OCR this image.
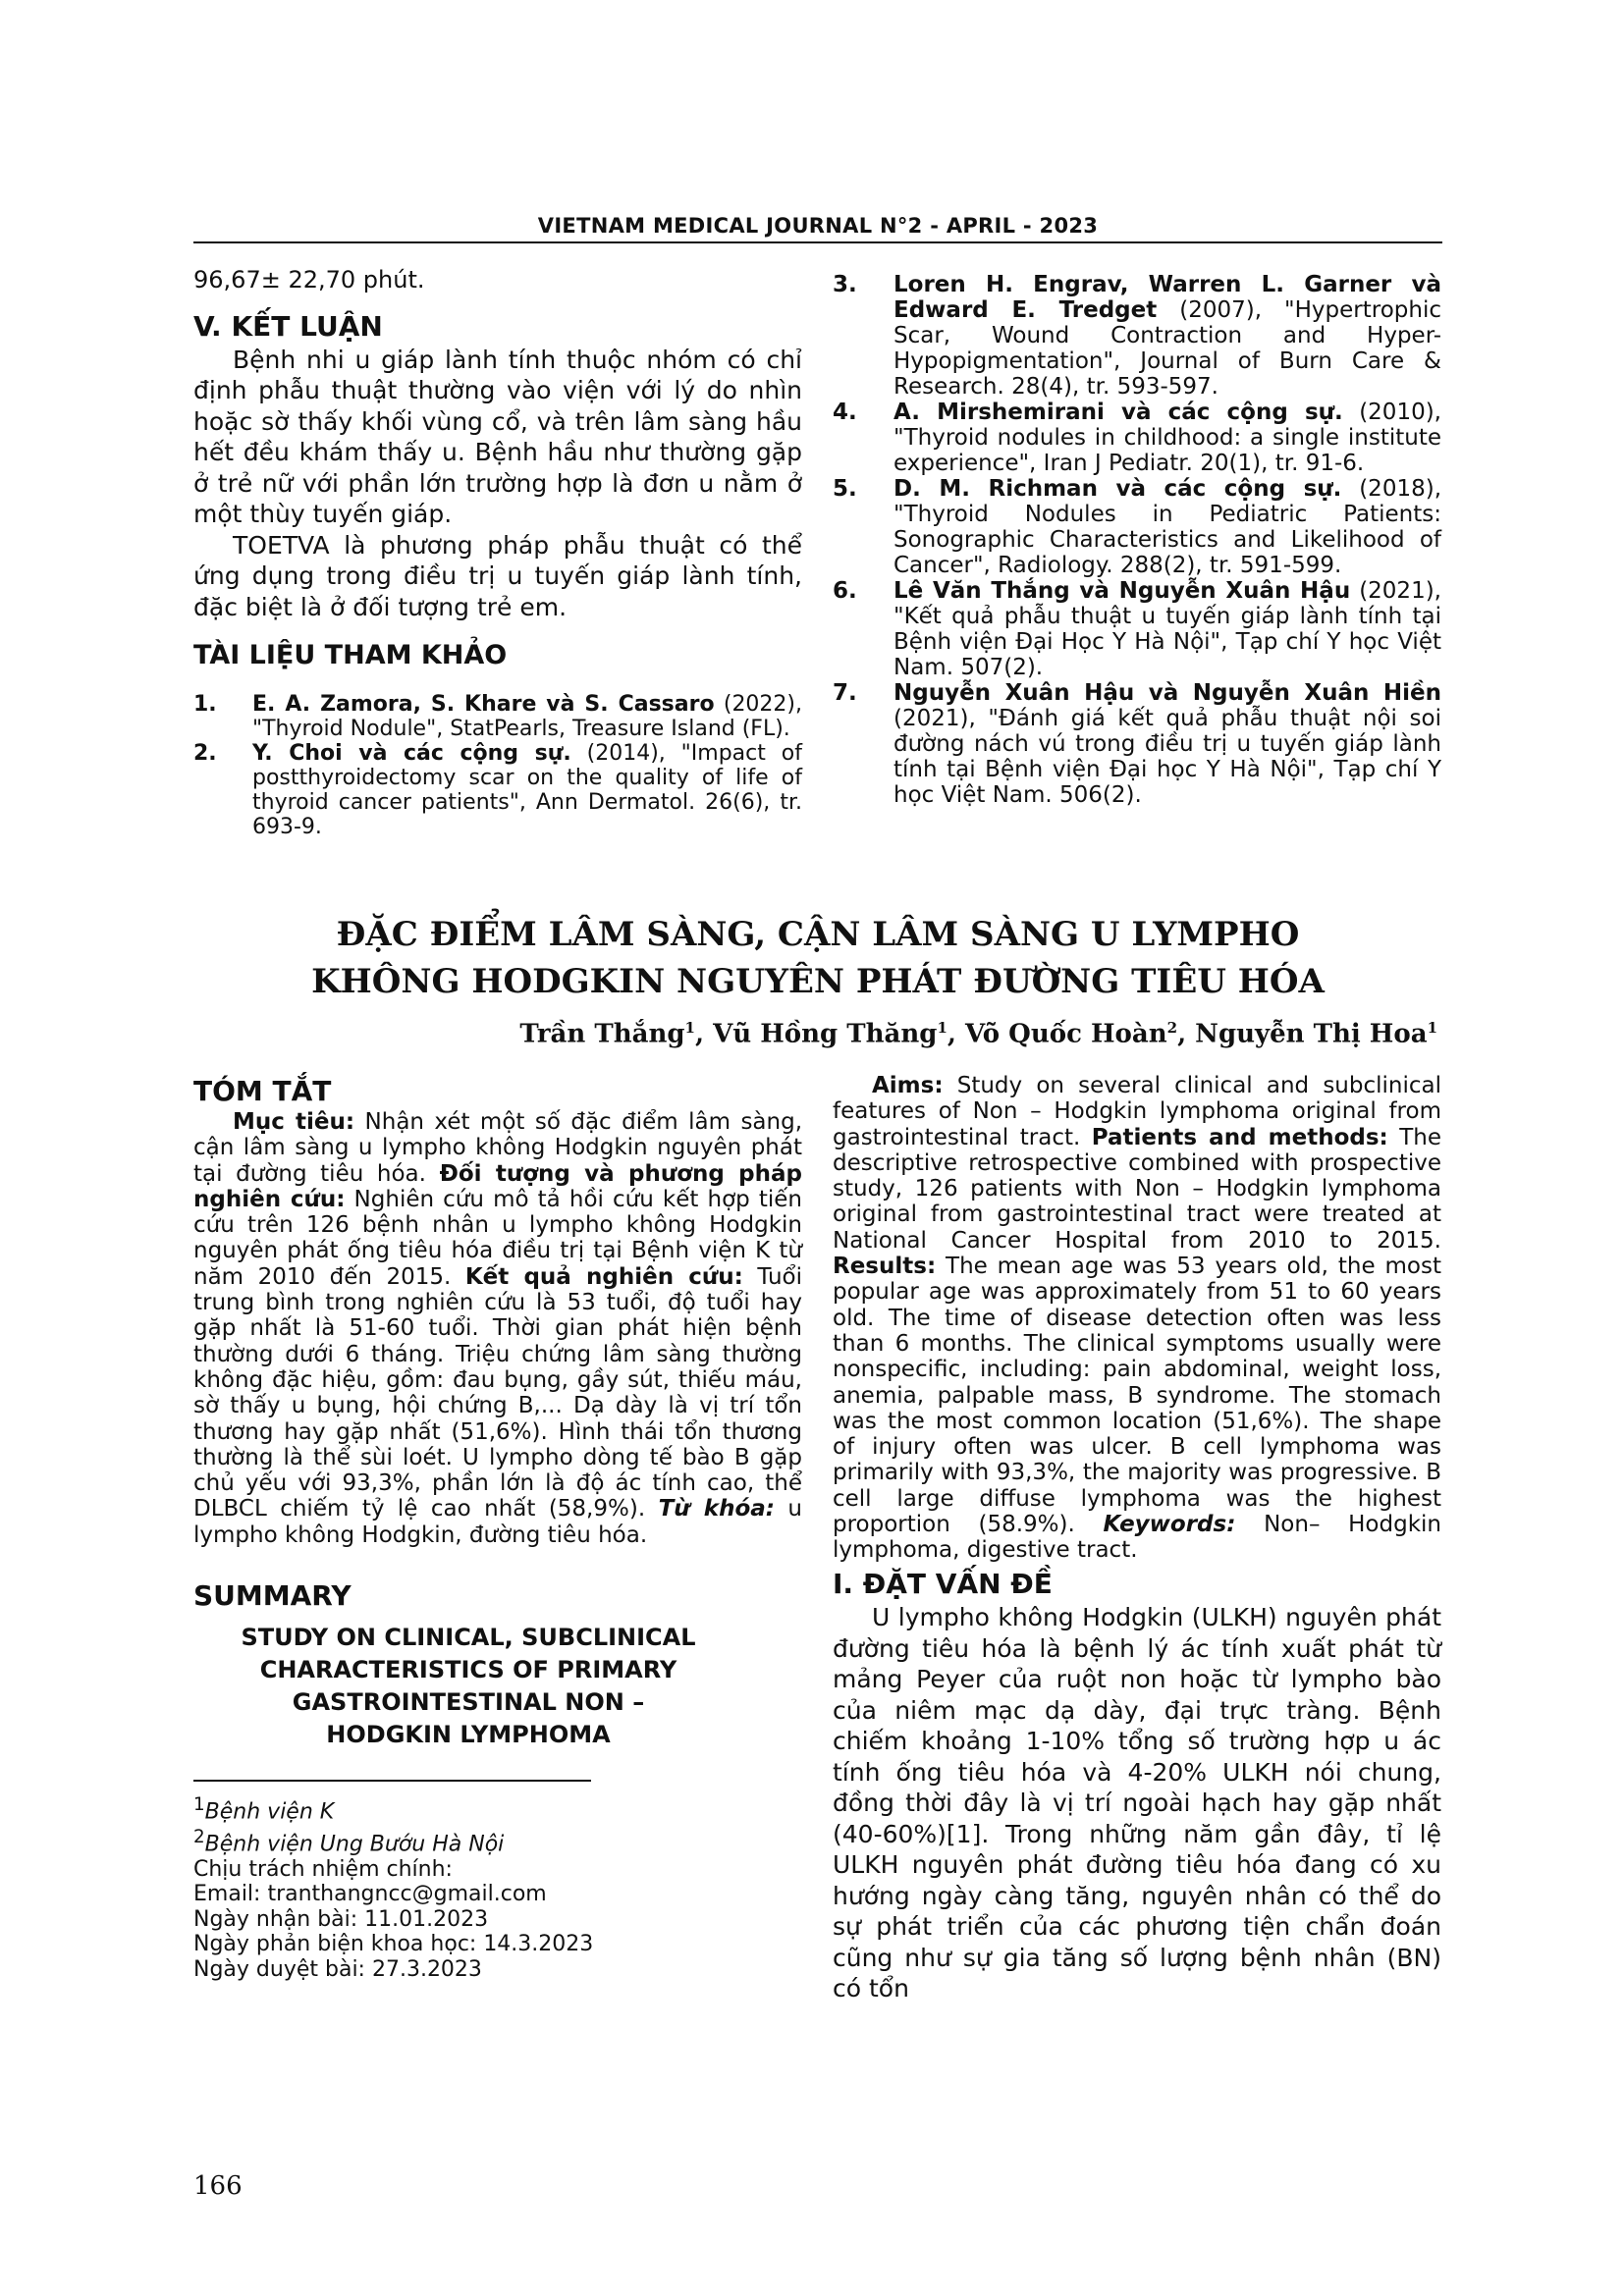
VIETNAM MEDICAL JOURNAL N°2 - APRIL - 2023

96,67± 22,70 phút.

V. KẾT LUẬN

Bệnh nhi u giáp lành tính thuộc nhóm có chỉ định phẫu thuật thường vào viện với lý do nhìn hoặc sờ thấy khối vùng cổ, và trên lâm sàng hầu hết đều khám thấy u. Bệnh hầu như thường gặp ở trẻ nữ với phần lớn trường hợp là đơn u nằm ở một thùy tuyến giáp.

TOETVA là phương pháp phẫu thuật có thể ứng dụng trong điều trị u tuyến giáp lành tính, đặc biệt là ở đối tượng trẻ em.

TÀI LIỆU THAM KHẢO
1.	E. A. Zamora, S. Khare và S. Cassaro (2022), "Thyroid Nodule", StatPearls, Treasure Island (FL).
2.	Y. Choi và các cộng sự. (2014), "Impact of postthyroidectomy scar on the quality of life of thyroid cancer patients", Ann Dermatol. 26(6), tr. 693-9.
3.	Loren H. Engrav, Warren L. Garner và Edward E. Tredget (2007), "Hypertrophic Scar, Wound Contraction and Hyper-Hypopigmentation", Journal of Burn Care & Research. 28(4), tr. 593-597.
4.	A. Mirshemirani và các cộng sự. (2010), "Thyroid nodules in childhood: a single institute experience", Iran J Pediatr. 20(1), tr. 91-6.
5.	D. M. Richman và các cộng sự. (2018), "Thyroid Nodules in Pediatric Patients: Sonographic Characteristics and Likelihood of Cancer", Radiology. 288(2), tr. 591-599.
6.	Lê Văn Thắng và Nguyễn Xuân Hậu (2021), "Kết quả phẫu thuật u tuyến giáp lành tính tại Bệnh viện Đại Học Y Hà Nội", Tạp chí Y học Việt Nam. 507(2).
7.	Nguyễn Xuân Hậu và Nguyễn Xuân Hiền (2021), "Đánh giá kết quả phẫu thuật nội soi đường nách vú trong điều trị u tuyến giáp lành tính tại Bệnh viện Đại học Y Hà Nội", Tạp chí Y học Việt Nam. 506(2).
ĐẶC ĐIỂM LÂM SÀNG, CẬN LÂM SÀNG U LYMPHO
KHÔNG HODGKIN NGUYÊN PHÁT ĐƯỜNG TIÊU HÓA
Trần Thắng$^1$, Vũ Hồng Thăng$^1$, Võ Quốc Hoàn$^2$, Nguyễn Thị Hoa$^1$
TÓM TẮT

Mục tiêu: Nhận xét một số đặc điểm lâm sàng, cận lâm sàng u lympho không Hodgkin nguyên phát tại đường tiêu hóa. Đối tượng và phương pháp nghiên cứu: Nghiên cứu mô tả hồi cứu kết hợp tiến cứu trên 126 bệnh nhân u lympho không Hodgkin nguyên phát ống tiêu hóa điều trị tại Bệnh viện K từ năm 2010 đến 2015. Kết quả nghiên cứu: Tuổi trung bình trong nghiên cứu là 53 tuổi, độ tuổi hay gặp nhất là 51-60 tuổi. Thời gian phát hiện bệnh thường dưới 6 tháng. Triệu chứng lâm sàng thường không đặc hiệu, gồm: đau bụng, gầy sút, thiếu máu, sờ thấy u bụng, hội chứng B,... Dạ dày là vị trí tổn thương hay gặp nhất (51,6%). Hình thái tổn thương thường là thể sùi loét. U lympho dòng tế bào B gặp chủ yếu với 93,3%, phần lớn là độ ác tính cao, thể DLBCL chiếm tỷ lệ cao nhất (58,9%). Từ khóa: u lympho không Hodgkin, đường tiêu hóa.

SUMMARY
STUDY ON CLINICAL, SUBCLINICAL
CHARACTERISTICS OF PRIMARY
GASTROINTESTINAL NON –
HODGKIN LYMPHOMA
$^1$Bệnh viện K
$^2$Bệnh viện Ung Bướu Hà Nội
Chịu trách nhiệm chính:
Email: tranthangncc@gmail.com
Ngày nhận bài: 11.01.2023
Ngày phản biện khoa học: 14.3.2023
Ngày duyệt bài: 27.3.2023
166

Aims: Study on several clinical and subclinical features of Non – Hodgkin lymphoma original from gastrointestinal tract. Patients and methods: The descriptive retrospective combined with prospective study, 126 patients with Non – Hodgkin lymphoma original from gastrointestinal tract were treated at National Cancer Hospital from 2010 to 2015. Results: The mean age was 53 years old, the most popular age was approximately from 51 to 60 years old. The time of disease detection often was less than 6 months. The clinical symptoms usually were nonspecific, including: pain abdominal, weight loss, anemia, palpable mass, B syndrome. The stomach was the most common location (51,6%). The shape of injury often was ulcer. B cell lymphoma was primarily with 93,3%, the majority was progressive. B cell large diffuse lymphoma was the highest proportion (58.9%). Keywords: Non– Hodgkin lymphoma, digestive tract.

I. ĐẶT VẤN ĐỀ

U lympho không Hodgkin (ULKH) nguyên phát đường tiêu hóa là bệnh lý ác tính xuất phát từ mảng Peyer của ruột non hoặc từ lympho bào của niêm mạc dạ dày, đại trực tràng. Bệnh chiếm khoảng 1-10% tổng số trường hợp u ác tính ống tiêu hóa và 4-20% ULKH nói chung, đồng thời đây là vị trí ngoài hạch hay gặp nhất (40-60%)[1]. Trong những năm gần đây, tỉ lệ ULKH nguyên phát đường tiêu hóa đang có xu hướng ngày càng tăng, nguyên nhân có thể do sự phát triển của các phương tiện chẩn đoán cũng như sự gia tăng số lượng bệnh nhân (BN) có tổn
